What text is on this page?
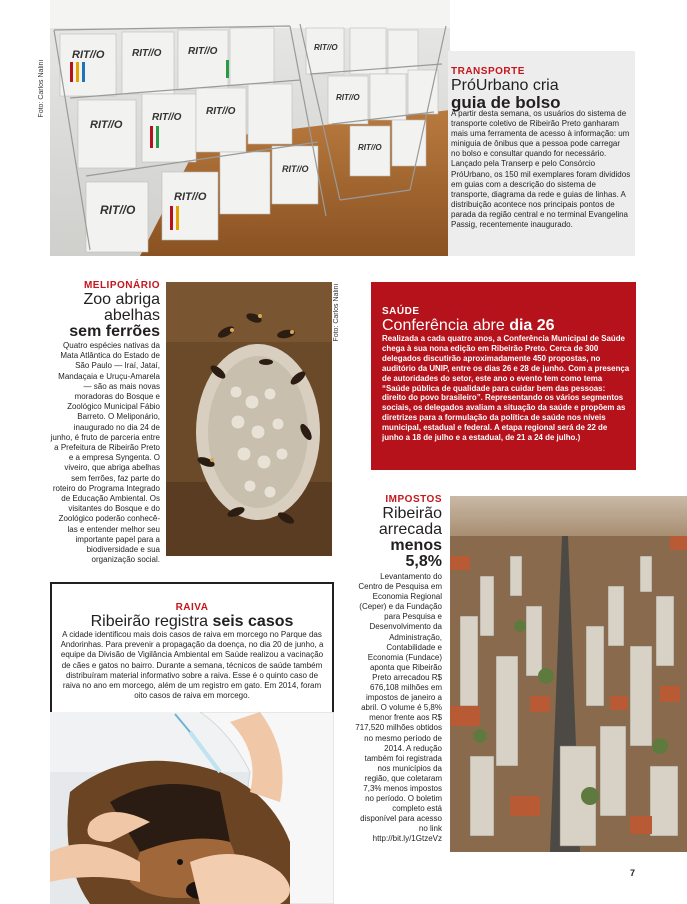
RIT//O	RIT//O	RIT//O
RIT//O
RIT//O
RIT//O
RIT//O
RIT//O
RIT//O
RIT//O
RIT//O
RIT//O
Foto: Carlos Nalini	TRANSPORTE
PróUrbano cria
guia de bolso
A partir desta semana, os usuários do sistema de transporte coletivo de Ribeirão Preto ganharam mais uma ferramenta de acesso à informação: um miniguia de ônibus que a pessoa pode carregar no bolso e consultar quando for necessário. Lançado pela Transerp e pelo Consórcio PróUrbano, os 150 mil exemplares foram divididos em guias com a descrição do sistema de transporte, diagrama da rede e guias de linhas. A distribuição acontece nos principais pontos de parada da região central e no terminal Evangelina Passig, recentemente inaugurado.
MELIPONÁRIO
Zoo abriga abelhas
sem ferrões
Quatro espécies nativas da Mata Atlântica do Estado de São Paulo — Iraí, Jataí, Mandaçaia e Uruçu-Amarela — são as mais novas moradoras do Bosque e Zoológico Municipal Fábio Barreto. O Meliponário, inaugurado no dia 24 de junho, é fruto de parceria entre a Prefeitura de Ribeirão Preto e a empresa Syngenta. O viveiro, que abriga abelhas sem ferrões, faz parte do roteiro do Programa Integrado de Educação Ambiental. Os visitantes do Bosque e do Zoológico poderão conhecê-las e entender melhor seu importante papel para a biodiversidade e sua organização social.
Foto: Carlos Nalini	SAÚDE
Conferência abre dia 26
Realizada a cada quatro anos, a Conferência Municipal de Saúde chega à sua nona edição em Ribeirão Preto. Cerca de 300 delegados discutirão aproximadamente 450 propostas, no auditório da UNIP, entre os dias 26 e 28 de junho. Com a presença de autoridades do setor, este ano o evento tem como tema “Saúde pública de qualidade para cuidar bem das pessoas: direito do povo brasileiro”. Representando os vários segmentos sociais, os delegados avaliam a situação da saúde e propõem as diretrizes para a formulação da política de saúde nos níveis municipal, estadual e federal. A etapa regional será de 22 de junho a 18 de julho e a estadual, de 21 a 24 de julho.)
IMPOSTOS
Ribeirão arrecada
menos 5,8%
Levantamento do Centro de Pesquisa em Economia Regional (Ceper) e da Fundação para Pesquisa e Desenvolvimento da Administração, Contabilidade e Economia (Fundace) aponta que Ribeirão Preto arrecadou R$ 676,108 milhões em impostos de janeiro a abril. O volume é 5,8% menor frente aos R$ 717,520 milhões obtidos no mesmo período de 2014. A redução também foi registrada nos municípios da região, que coletaram 7,3% menos impostos no período. O boletim completo está disponível para acesso no link http://bit.ly/1GtzeVz
RAIVA
Ribeirão registra seis casos
A cidade identificou mais dois casos de raiva em morcego no Parque das Andorinhas. Para prevenir a propagação da doença, no dia 20 de junho, a equipe da Divisão de Vigilância Ambiental em Saúde realizou a vacinação de cães e gatos no bairro. Durante a semana, técnicos de saúde também distribuíram material informativo sobre a raiva. Esse é o quinto caso de raiva no ano em morcego, além de um registro em gato. Em 2014, foram oito casos de raiva em morcego.
7
